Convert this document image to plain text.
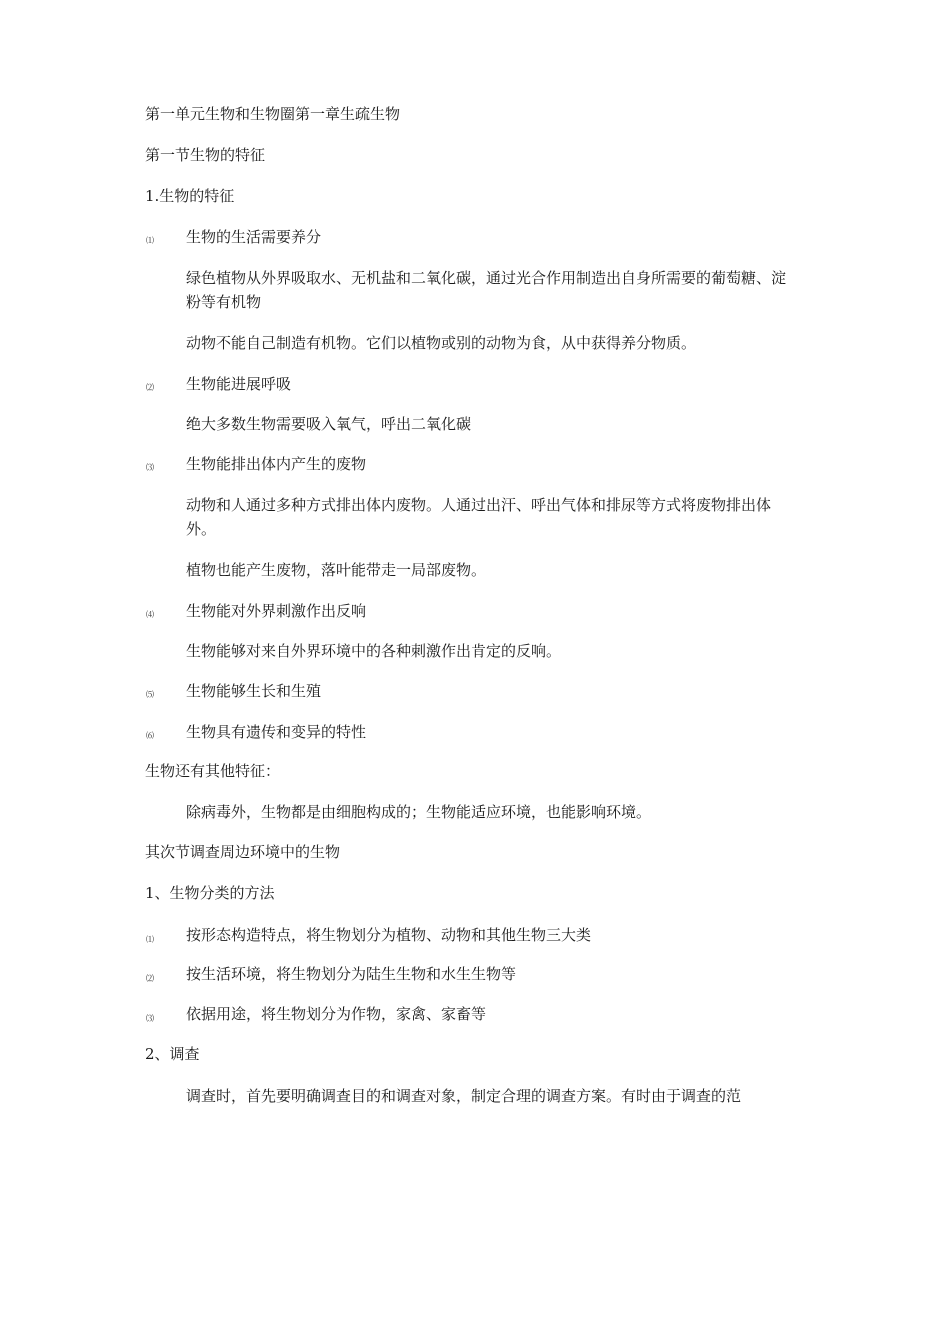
第一单元生物和生物圈第一章生疏生物
第一节生物的特征
1.生物的特征
⑴ 生物的生活需要养分
绿色植物从外界吸取水、无机盐和二氧化碳，通过光合作用制造出自身所需要的葡萄糖、淀粉等有机物
动物不能自己制造有机物。它们以植物或别的动物为食，从中获得养分物质。
⑵ 生物能进展呼吸
绝大多数生物需要吸入氧气，呼出二氧化碳
⑶ 生物能排出体内产生的废物
动物和人通过多种方式排出体内废物。人通过出汗、呼出气体和排尿等方式将废物排出体外。
植物也能产生废物，落叶能带走一局部废物。
⑷ 生物能对外界刺激作出反响
生物能够对来自外界环境中的各种刺激作出肯定的反响。
⑸ 生物能够生长和生殖
⑹ 生物具有遗传和变异的特性
生物还有其他特征：
除病毒外，生物都是由细胞构成的；生物能适应环境，也能影响环境。
其次节调查周边环境中的生物
1、生物分类的方法
⑴ 按形态构造特点，将生物划分为植物、动物和其他生物三大类
⑵ 按生活环境，将生物划分为陆生生物和水生生物等
⑶ 依据用途，将生物划分为作物，家禽、家畜等
2、调查
调查时，首先要明确调查目的和调查对象，制定合理的调查方案。有时由于调查的范
